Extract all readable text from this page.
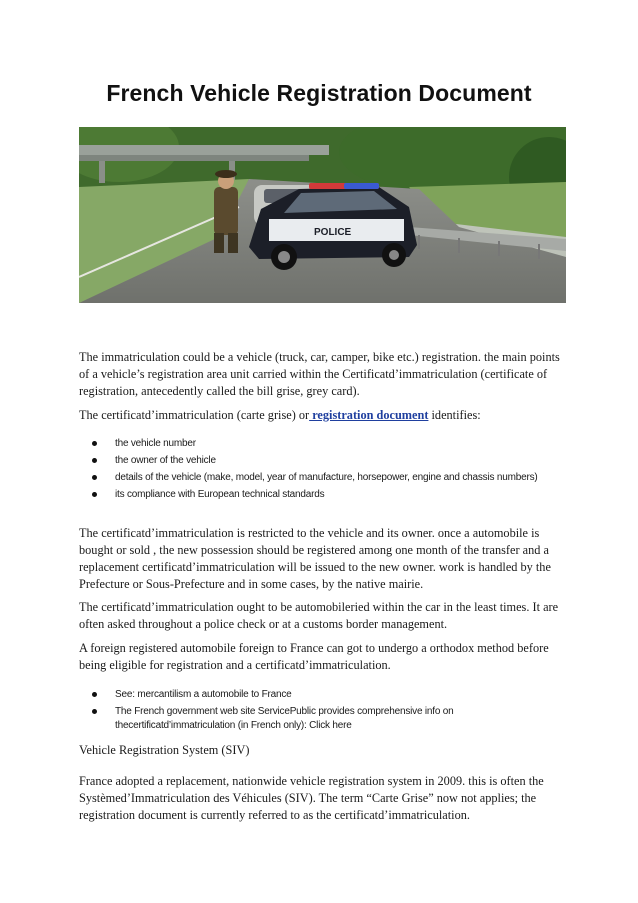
French Vehicle Registration Document
POLICE

The immatriculation could be a vehicle (truck, car, camper, bike etc.) registration. the main points of a vehicle’s registration area unit carried within the Certificatd’immatriculation (certificate of registration, antecedently called the bill grise, grey card).

The certificatd’immatriculation (carte grise) or registration document identifies:

the vehicle number
the owner of the vehicle
details of the vehicle (make, model, year of manufacture, horsepower, engine and chassis numbers)
its compliance with European technical standards

The certificatd’immatriculation is restricted to the vehicle and its owner. once a automobile is bought or sold , the new possession should be registered among one month of the transfer and a replacement certificatd’immatriculation will be issued to the new owner. work is handled by the Prefecture or Sous-Prefecture and in some cases, by the native mairie.

The certificatd’immatriculation ought to be automobileried within the car in the least times. It are often asked throughout a police check or at a customs border management.

A foreign registered automobile foreign to France can got to undergo a orthodox method before being eligible for registration and a certificatd’immatriculation.

See: mercantilism a automobile to France
The French government web site ServicePublic provides comprehensive info on thecertificatd’immatriculation (in French only): Click here

Vehicle Registration System (SIV)

France adopted a replacement, nationwide vehicle registration system in 2009. this is often the Systèmed’Immatriculation des Véhicules (SIV). The term “Carte Grise” now not applies; the registration document is currently referred to as the certificatd’immatriculation.
